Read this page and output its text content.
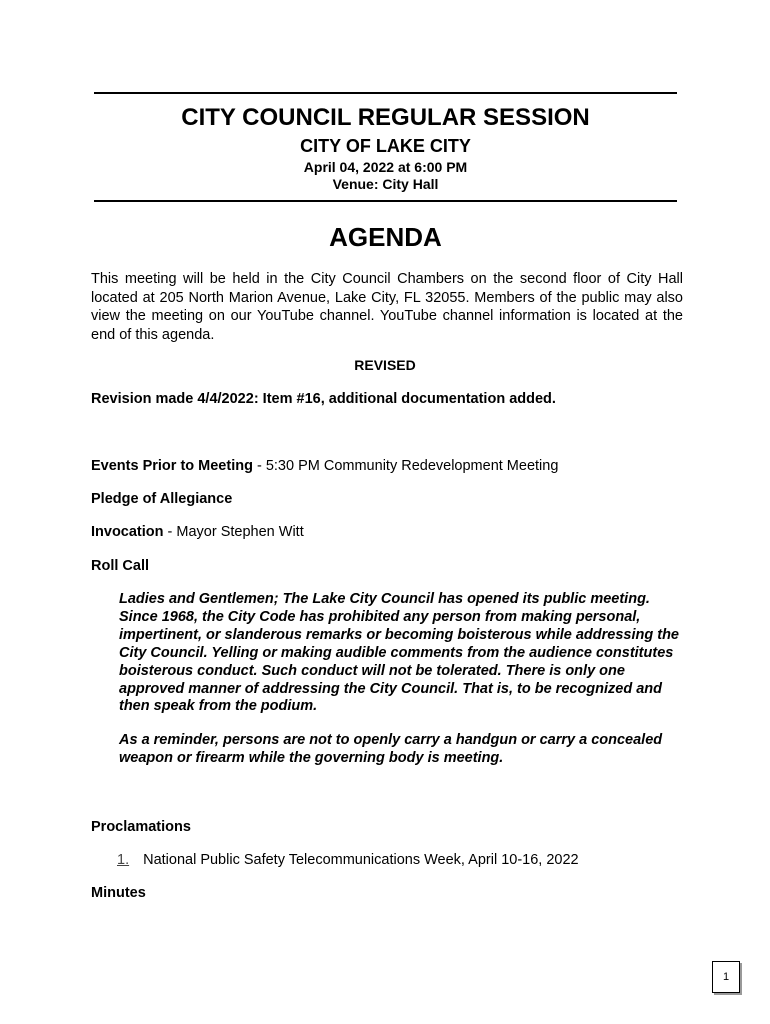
CITY COUNCIL REGULAR SESSION
CITY OF LAKE CITY
April 04, 2022 at 6:00 PM
Venue: City Hall
AGENDA

This meeting will be held in the City Council Chambers on the second floor of City Hall located at 205 North Marion Avenue, Lake City, FL 32055. Members of the public may also view the meeting on our YouTube channel. YouTube channel information is located at the end of this agenda.

REVISED
Revision made 4/4/2022: Item #16, additional documentation added.
Events Prior to Meeting - 5:30 PM Community Redevelopment Meeting
Pledge of Allegiance
Invocation - Mayor Stephen Witt
Roll Call

Ladies and Gentlemen; The Lake City Council has opened its public meeting. Since 1968, the City Code has prohibited any person from making personal, impertinent, or slanderous remarks or becoming boisterous while addressing the City Council. Yelling or making audible comments from the audience constitutes boisterous conduct. Such conduct will not be tolerated. There is only one approved manner of addressing the City Council. That is, to be recognized and then speak from the podium.

As a reminder, persons are not to openly carry a handgun or carry a concealed weapon or firearm while the governing body is meeting.

Proclamations
1. National Public Safety Telecommunications Week, April 10-16, 2022
Minutes
1
